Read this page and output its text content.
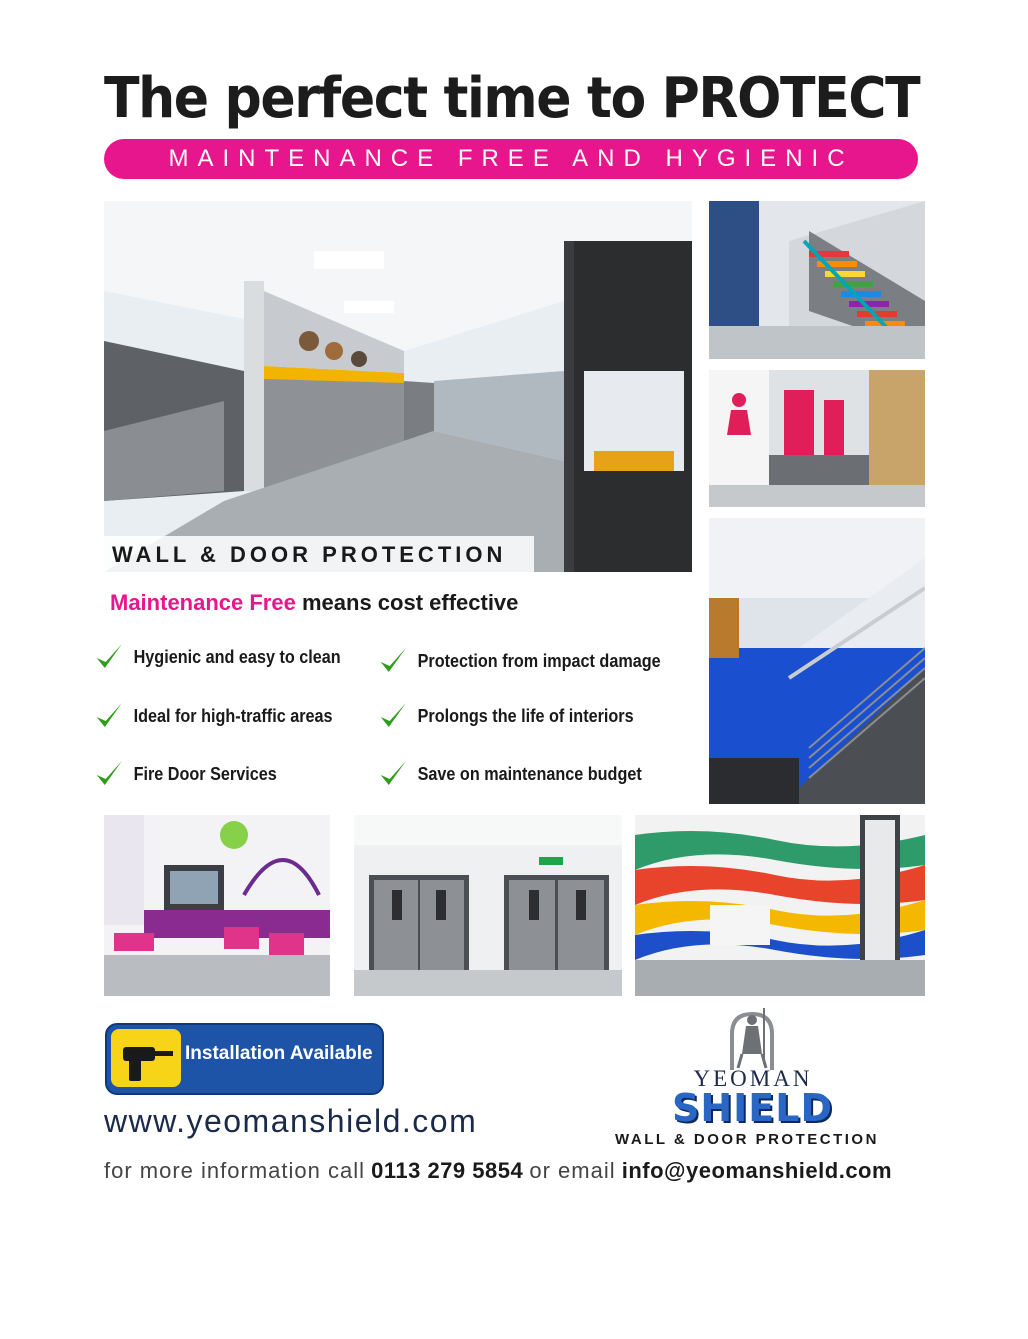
The perfect time to PROTECT
MAINTENANCE FREE AND HYGIENIC
WALL & DOOR PROTECTION
Maintenance Free means cost effective
Hygienic and easy to clean
Ideal for high-traffic areas
Fire Door Services
Protection from impact damage
Prolongs the life of interiors
Save on maintenance budget
Installation Available
www.yeomanshield.com
for more information call 0113 279 5854 or email info@yeomanshield.com
YEOMAN
SHIELD
WALL & DOOR PROTECTION
